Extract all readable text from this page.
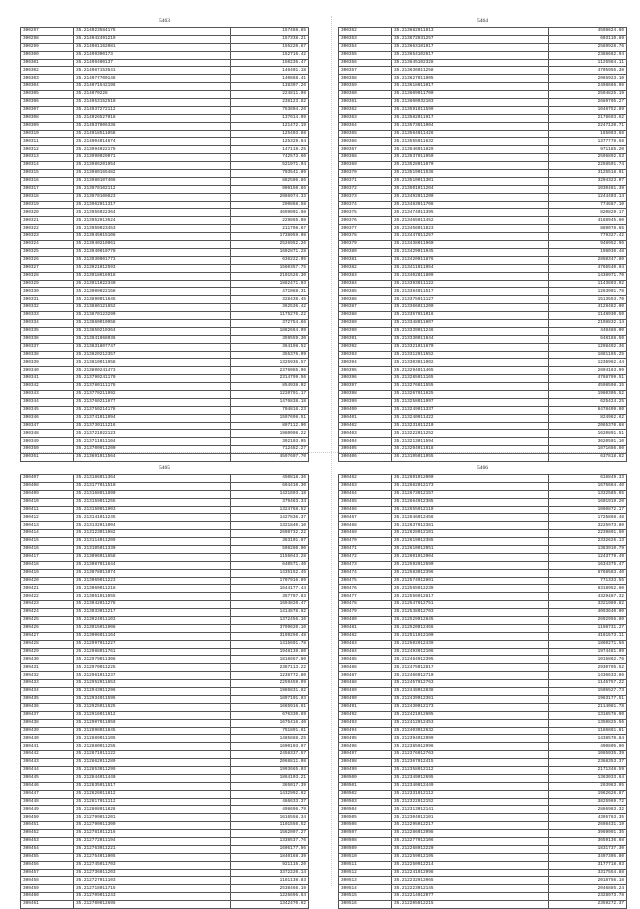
5463
300297	35.214023584176	157488.85
300298	35.214042491219	157338.21
300299	35.214081162081	155220.67
300300	35.21409300173	152716.42
300301	35.21409400137	150236.47
300302	35.214087153541	146401.18
300303	35.214077700148	140868.41
300304	35.214071542196	138307.26
300305	35.214070228	224811.98
300306	35.214053152510	238123.82
300307	35.214037272112	753804.26
300308	35.214026527018	137614.09
300309	35.214037006338	121472.19
300310	35.214018511058	125403.88
300311	35.214004014674	125329.64
300312	35.213994022179	147119.25
300313	35.213990029071	742573.60
300314	35.213985201954	521971.94
300315	35.213980165482	703541.09
300316	35.213980107408	882506.86
300317	35.213970102112	909150.66
300318	35.213970100823	2086974.33
300319	35.213962011317	290868.58
300320	35.213956022364	4699001.98
300321	35.213952013624	229865.08
300322	35.213950023453	211798.67
300323	35.213945015108	1738959.08
300324	35.213940210961	2526952.26
300325	35.213940010770	1602871.28
300326	35.213930001773	636222.05
300327	35.213921012593	1560357.75
300328	35.213918016918	2101526.30
300329	35.213911022340	1882471.03
300330	35.213900022158	471088.31
300331	35.213890011645	328438.45
300332	35.213880121652	362536.42
300333	35.213870123290	1175276.22
300334	35.213860010958	372754.66
300335	35.213850210364	1882664.09
300336	35.213841068036	359559.30
300337	35.213831807747	364198.52
300338	35.213820212357	355376.99
300339	35.213810011958	1325936.57
300340	35.213800241473	2376085.06
300341	35.213790241170	2314799.56
300342	35.213780111176	854938.02
300343	35.213770211992	1220791.17
300344	35.213760211677	1476838.18
300345	35.213750214178	704816.23
300346	35.213741011994	1597698.51
300347	35.213730111216	897112.90
300348	35.213721022123	1980098.22
300349	35.213711011104	392103.05
300350	35.213700011200	712482.27
300351	35.213691011564	4597607.70
5464
300352	35.213682011813	4598624.60
300353	35.213672031257	603110.69
300354	35.213663101917	2589928.76
300355	35.213654102617	2388682.94
300356	35.213645102328	1125984.11
300357	35.213636011258	4705955.38
300358	35.213627011905	2065923.10
300359	35.213618011017	2498666.96
300360	35.213609011700	2594825.19
300361	35.213600032103	2689705.27
300362	35.213591011599	1048752.89
300363	35.213582011917	2178693.62
300364	35.213573011004	2247120.71
300365	35.213564011426	165093.68
300366	35.213555011632	1377778.58
300367	35.213546011829	971185.20
300368	35.213537011050	2596892.53
300369	35.213528011070	2258591.74
300370	35.213519011536	3125518.91
300371	35.213510011301	3204323.07
300372	35.213501011204	1030481.39
300373	35.213492011200	1244403.14
300374	35.213483011708	774687.10
300375	35.213474011395	820829.17
300376	35.213465011452	4168945.60
300377	35.213456011823	889078.65
300378	35.213447011257	779327.42
300379	35.213438011960	948952.96
300380	35.213429011945	198036.48
300381	35.213420011876	2850347.80
300382	35.213411011954	4766540.04
300383	35.213402011809	1438971.70
300384	35.213393011122	1143893.92
300385	35.213384011517	1263991.78
300386	35.213375011127	1513553.70
300387	35.213366011200	4128482.00
300388	35.213357011016	1148930.50
300389	35.213348011007	2198832.14
300390	35.213339011246	448488.00
300391	35.213330011844	648168.50
300392	35.213321011670	1298492.36
300393	35.213312011552	1881165.25
300394	35.213303011902	1236962.44
300395	35.213294011465	2894163.99
300396	35.213285011165	4768799.51
300397	35.213276011555	4598598.15
300398	35.213267011625	1980305.52
300399	35.213258011997	625424.25
300400	35.213249011337	6478409.60
300401	35.213240011422	824962.62
300402	35.213231011210	2065370.88
300403	35.213222011252	1620891.51
300404	35.213213011594	3620591.10
300405	35.213204011618	1871686.80
300406	35.213195011955	637818.82
5465
300407	35.213186011364	450818.36
300408	35.213177011510	694410.30
300409	35.213168011890	1421693.18
300410	35.213159011255	379463.34
300411	35.213150011903	1324768.52
300412	35.213141011245	1427836.37
300413	35.213132011004	1321840.10
300414	35.213123011082	2608732.22
300415	35.213114011209	363101.97
300416	35.213105011330	598280.00
300417	35.213096011658	1156043.28
300418	35.213087011644	640571.40
300419	35.213078011074	1435152.45
300420	35.213069011223	1707916.09
300421	35.213060011218	1644177.44
300422	35.213051011055	357797.83
300423	35.213042011276	1694820.47
300424	35.213033011217	1414878.62
300425	35.213024011103	1372456.16
300426	35.213015011908	3799620.10
300427	35.213006011164	3199250.48
300428	35.212997011227	1415691.78
300429	35.212988011761	1948138.80
300430	35.212979011308	1816667.80
300431	35.212970011225	2367113.22
300432	35.212961011237	1238772.80
300433	35.212952011653	2259459.99
300434	35.212943011296	1986831.82
300435	35.212934011595	1897101.03
300436	35.212925011525	1665916.61
300437	35.212916011912	676330.69
300438	35.212907011059	1675416.40
300439	35.212898011845	751891.61
300440	35.212889011105	1485888.25
300441	35.212880011255	1690103.97
300442	35.212871011122	2458337.57
300443	35.212862011289	2068811.08
300444	35.212853011299	1993665.03
300445	35.212844011440	1864103.21
300446	35.212835011517	365017.39
300447	35.212826011812	1432992.62
300448	35.212817011112	486633.37
300449	35.212808011828	498696.79
300450	35.212799011201	1616558.34
300451	35.212790011300	1101556.52
300452	35.212781011216	1562097.27
300453	35.212772011194	1338537.76
300454	35.212763011221	1606177.96
300455	35.212754011005	1840168.39
300456	35.212745011703	921116.20
300457	35.212736011203	3372220.14
300458	35.212727011103	1181138.83
300459	35.212718011715	2538466.19
300460	35.212709011243	1226696.64
300461	35.212700012695	1342470.62
5466
300462	35.212691012000	616849.33
300463	35.212682012173	1675664.40
300464	35.212673012157	1332585.65
300465	35.212664012385	1601919.20
300466	35.212655012119	1060872.17
300467	35.212646012456	1725868.48
300468	35.212637012381	3225973.80
300469	35.212628012101	2239891.50
300470	35.212619012385	2332626.13
300471	35.212610012051	1383910.79
300472	35.212601012004	1243779.49
300473	35.212592012690	1634375.47
300474	35.212583012396	6768583.40
300475	35.212574012801	771333.55
300476	35.212565012239	6318952.60
300477	35.212556012817	4329487.32
300478	35.212547012751	3321989.82
300479	35.212538012703	4093640.00
300480	35.212529012845	2692956.80
300481	35.212520012456	1198731.27
300482	35.212511012100	4161573.11
300483	35.212502012439	1860271.58
300484	35.212493012106	1974481.09
300485	35.212484012395	1015862.76
300486	35.212475012817	2930795.52
300487	35.212466012710	1436633.86
300488	35.212457012763	1145757.22
300489	35.212448012838	1505527.73
300490	35.212439012361	1963177.51
300491	35.212430012173	2114081.78
300492	35.212421012605	1316576.90
300493	35.212412012453	1350825.56
300494	35.212403012632	1186861.61
300495	35.212394012999	1438570.84
300496	35.212385012996	490805.90
300497	35.212376012763	1085035.39
300498	35.212367012415	2368353.37
300499	35.212358012112	2171348.59
300500	35.212349012695	1363033.84
300501	35.212340012449	293963.95
300502	35.212331012112	1962626.87
300503	35.212322012152	3825969.72
300504	35.212313012141	2886983.32
300505	35.212304012101	4395763.35
300506	35.212295012217	2698431.19
300507	35.212286012098	3969991.35
300508	35.212277012106	3659136.68
300509	35.212268012220	1831737.30
300510	35.212259012195	3497305.80
300511	35.212250012214	3177718.93
300512	35.212241012098	3317554.88
300513	35.212232012065	2018756.18
300514	35.212223012145	2046885.24
300515	35.212214012077	2328973.78
300516	35.212205012215	2359272.37
